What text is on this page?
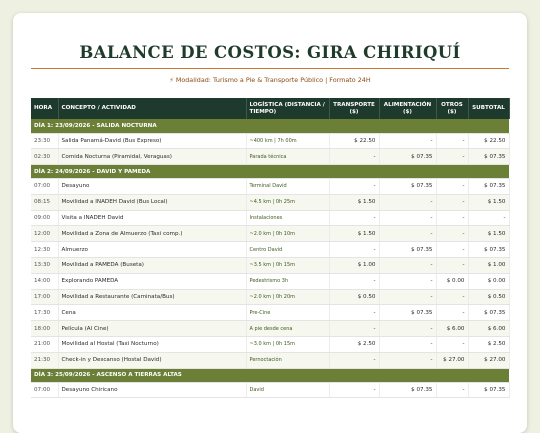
BALANCE DE COSTOS: GIRA CHIRIQUÍ
⚡ Modalidad: Turismo a Pie & Transporte Público | Formato 24H
HORA	CONCEPTO / ACTIVIDAD	LOGÍSTICA (DISTANCIA / TIEMPO)	TRANSPORTE ($)	ALIMENTACIÓN ($)	OTROS ($)	SUBTOTAL
DÍA 1: 23/09/2026 - SALIDA NOCTURNA						
23:30	Salida Panamá-David (Bus Expreso)	~400 km | 7h 00m	$ 22.50	-	-	$ 22.50
02:30	Comida Nocturna (Piramidal, Veraguas)	Parada técnica	-	$ 07.35	-	$ 07.35
DÍA 2: 24/09/2026 - DAVID Y PAMEDA						
07:00	Desayuno	Terminal David	-	$ 07.35	-	$ 07.35
08:15	Movilidad a INADEH David (Bus Local)	~4.5 km | 0h 25m	$ 1.50	-	-	$ 1.50
09:00	Visita a INADEH David	Instalaciones	-	-	-	-
12:00	Movilidad a Zona de Almuerzo (Taxi comp.)	~2.0 km | 0h 10m	$ 1.50	-	-	$ 1.50
12:30	Almuerzo	Centro David	-	$ 07.35	-	$ 07.35
13:30	Movilidad a PAMEDA (Buseta)	~3.5 km | 0h 15m	$ 1.00	-	-	$ 1.00
14:00	Explorando PAMEDA	Pedestrismo 3h	-	-	$ 0.00	$ 0.00
17:00	Movilidad a Restaurante (Caminata/Bus)	~2.0 km | 0h 20m	$ 0.50	-	-	$ 0.50
17:30	Cena	Pre-Cine	-	$ 07.35	-	$ 07.35
18:00	Película (Al Cine)	A pie desde cena	-	-	$ 6.00	$ 6.00
21:00	Movilidad al Hostal (Taxi Nocturno)	~3.0 km | 0h 15m	$ 2.50	-	-	$ 2.50
21:30	Check-in y Descanso (Hostal David)	Pernoctación	-	-	$ 27.00	$ 27.00
DÍA 3: 25/09/2026 - ASCENSO A TIERRAS ALTAS						
07:00	Desayuno Chiricano	David	-	$ 07.35	-	$ 07.35
